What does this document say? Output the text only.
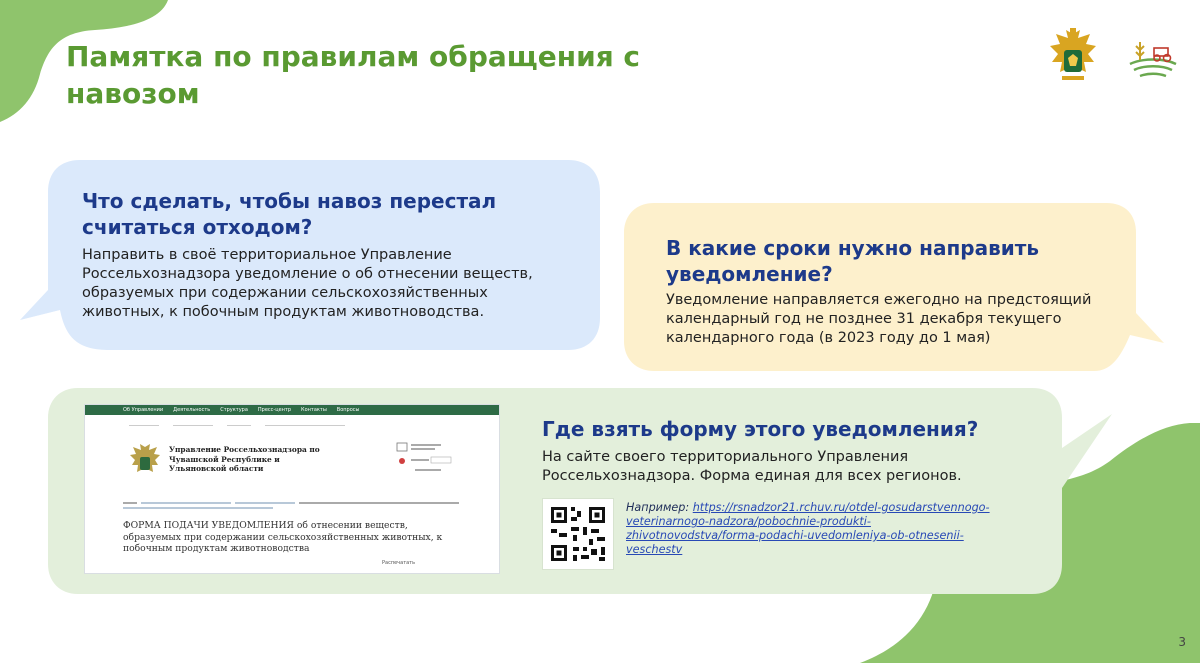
Памятка по правилам обращения с навозом
Что сделать, чтобы навоз перестал считаться отходом?

Направить в своё территориальное Управление Россельхознадзора уведомление о об отнесении веществ, образуемых при содержании сельскохозяйственных животных, к побочным продуктам животноводства.

В какие сроки нужно направить уведомление?

Уведомление направляется ежегодно на предстоящий календарный год не позднее 31 декабря текущего календарного года (в 2023 году до 1 мая)

Об Управлении Деятельность Структура Пресс-центр Контакты Вопросы
Управление Россельхознадзора по Чувашской Республике и Ульяновской области
ФОРМА ПОДАЧИ УВЕДОМЛЕНИЯ об отнесении веществ, образуемых при содержании сельскохозяйственных животных, к побочным продуктам животноводства
Распечатать
Где взять форму этого уведомления?

На сайте своего территориального Управления Россельхознадзора. Форма единая для всех регионов.

Например: https://rsnadzor21.rchuv.ru/otdel-gosudarstvennogo-veterinarnogo-nadzora/pobochnie-produkti-zhivotnovodstva/forma-podachi-uvedomleniya-ob-otnesenii-veschestv

3
